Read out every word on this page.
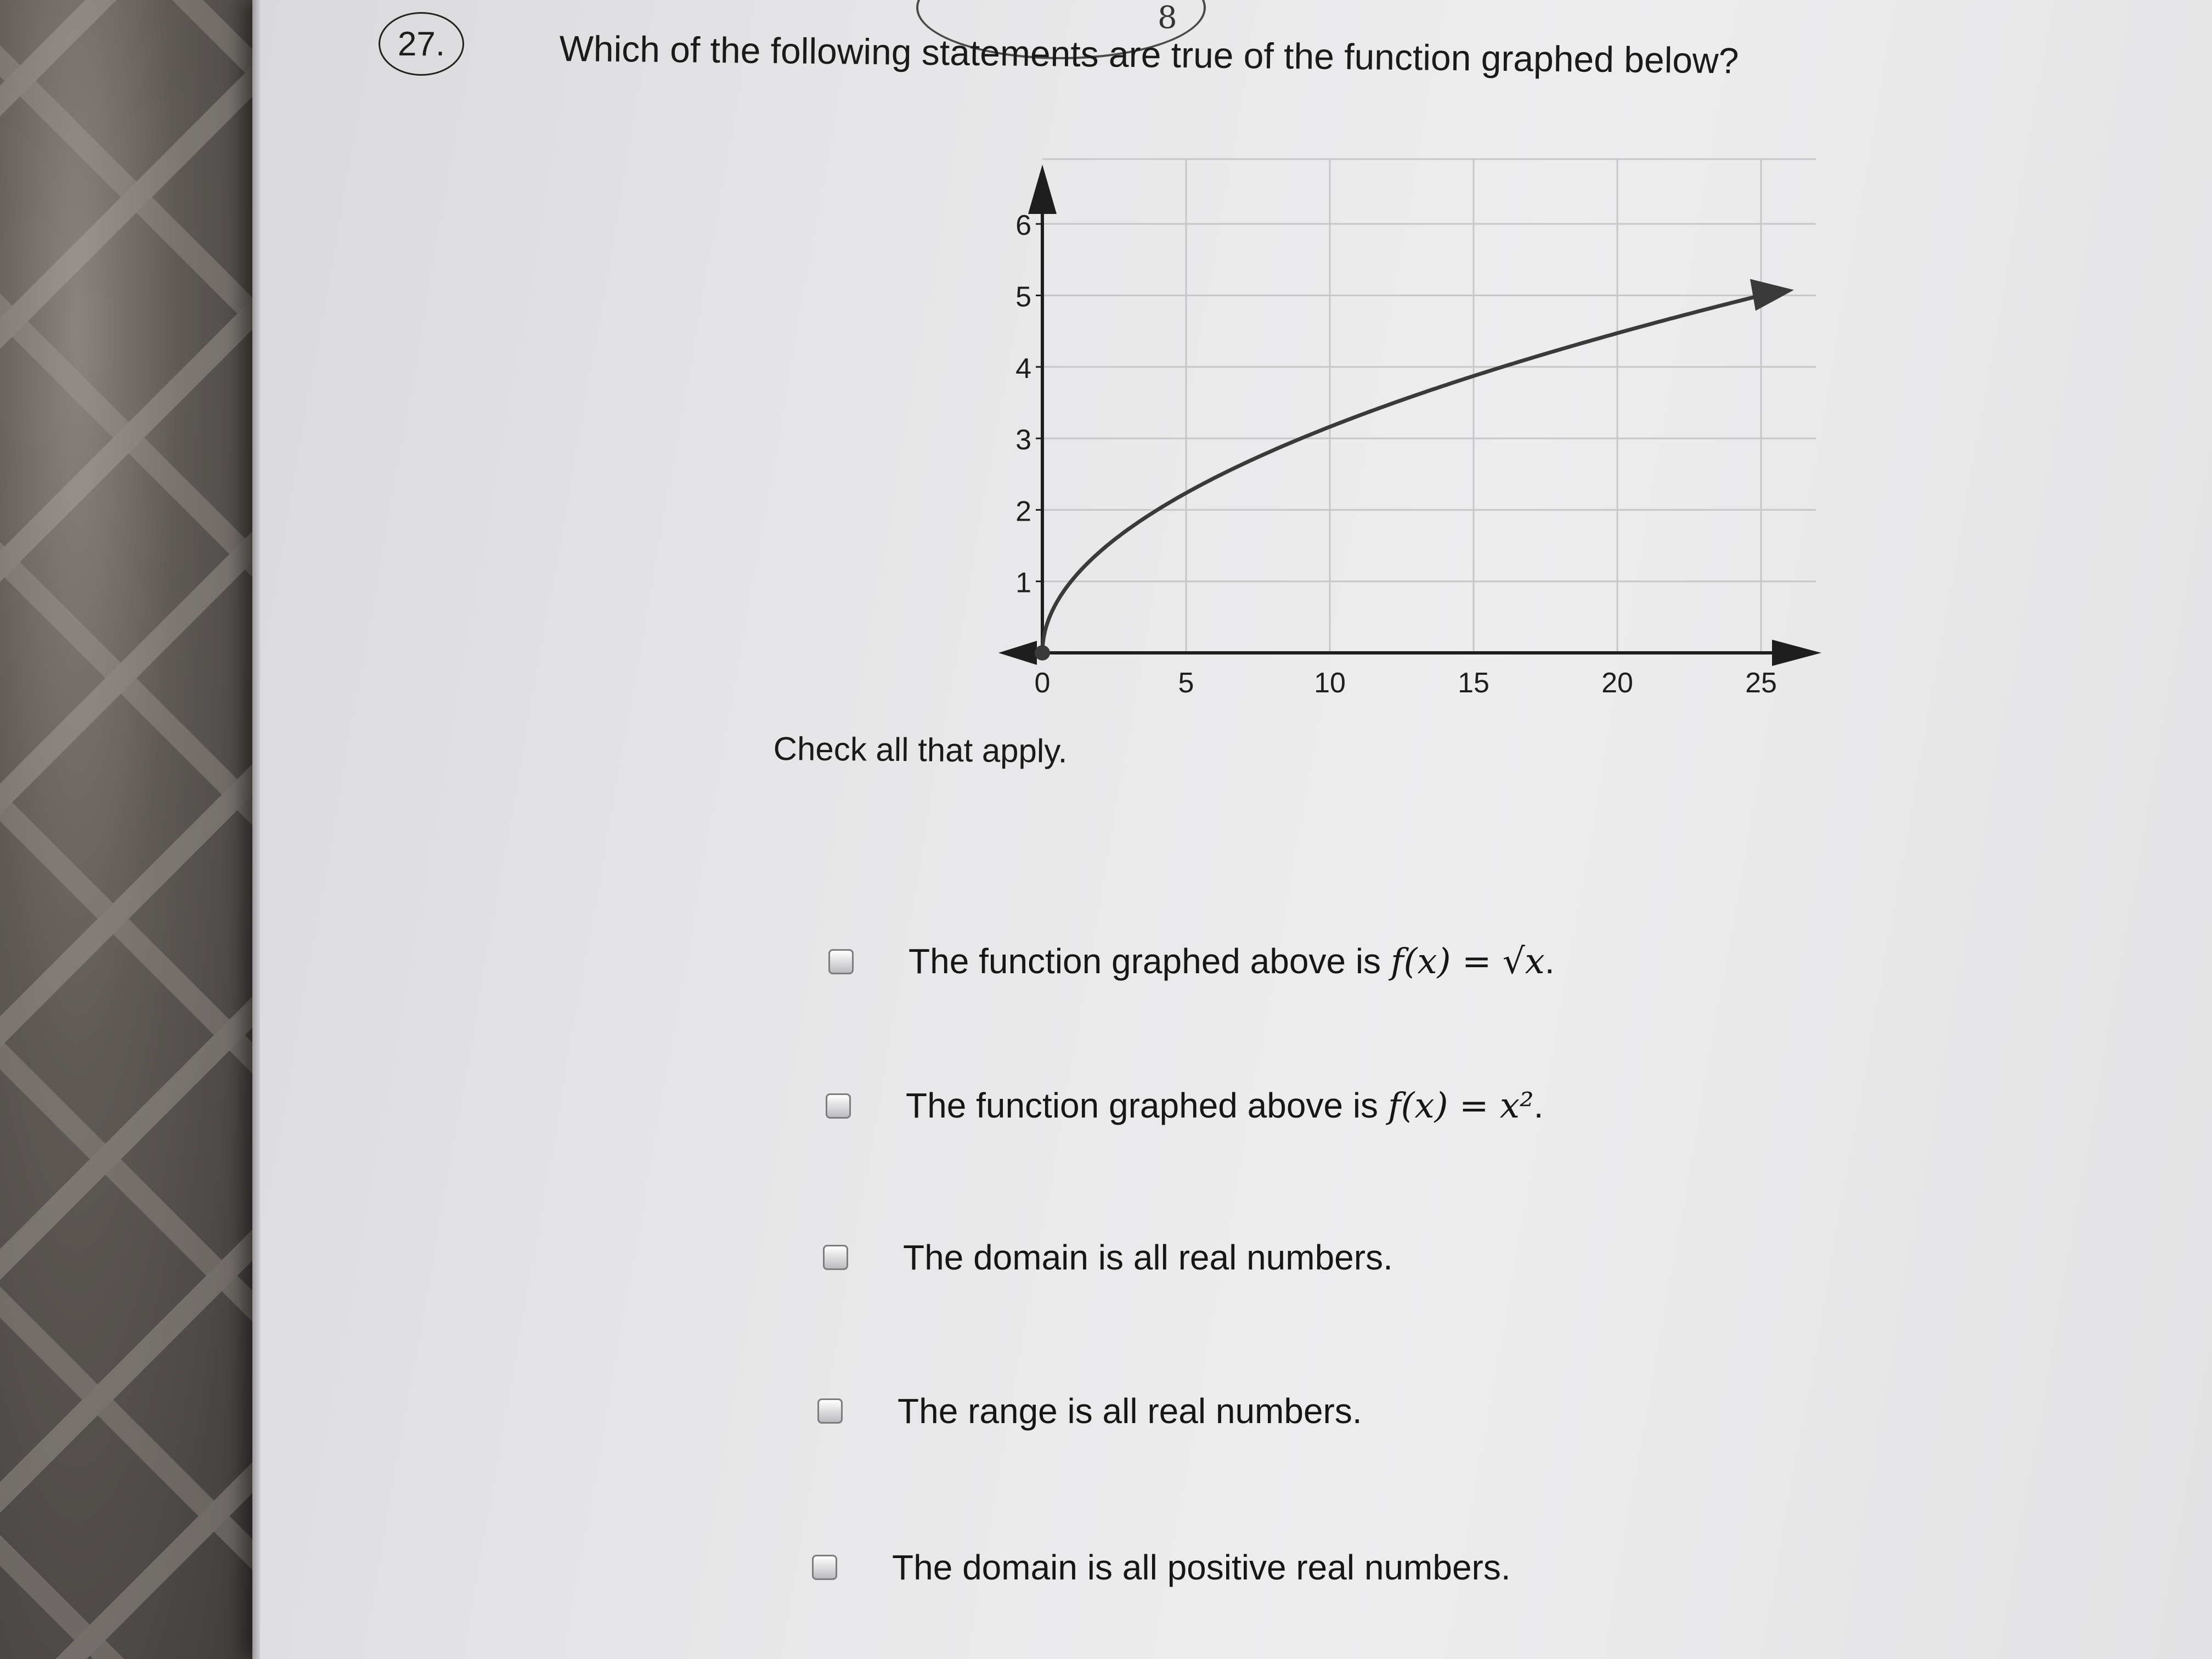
8
27.	Which of the following statements are true of the function graphed below?
1
2
3
4
5
6
0	5	10	15	20	25
Check all that apply.
The function graphed above is f(x) = √x.
The function graphed above is f(x) = x².
The domain is all real numbers.
The range is all real numbers.
The domain is all positive real numbers.
